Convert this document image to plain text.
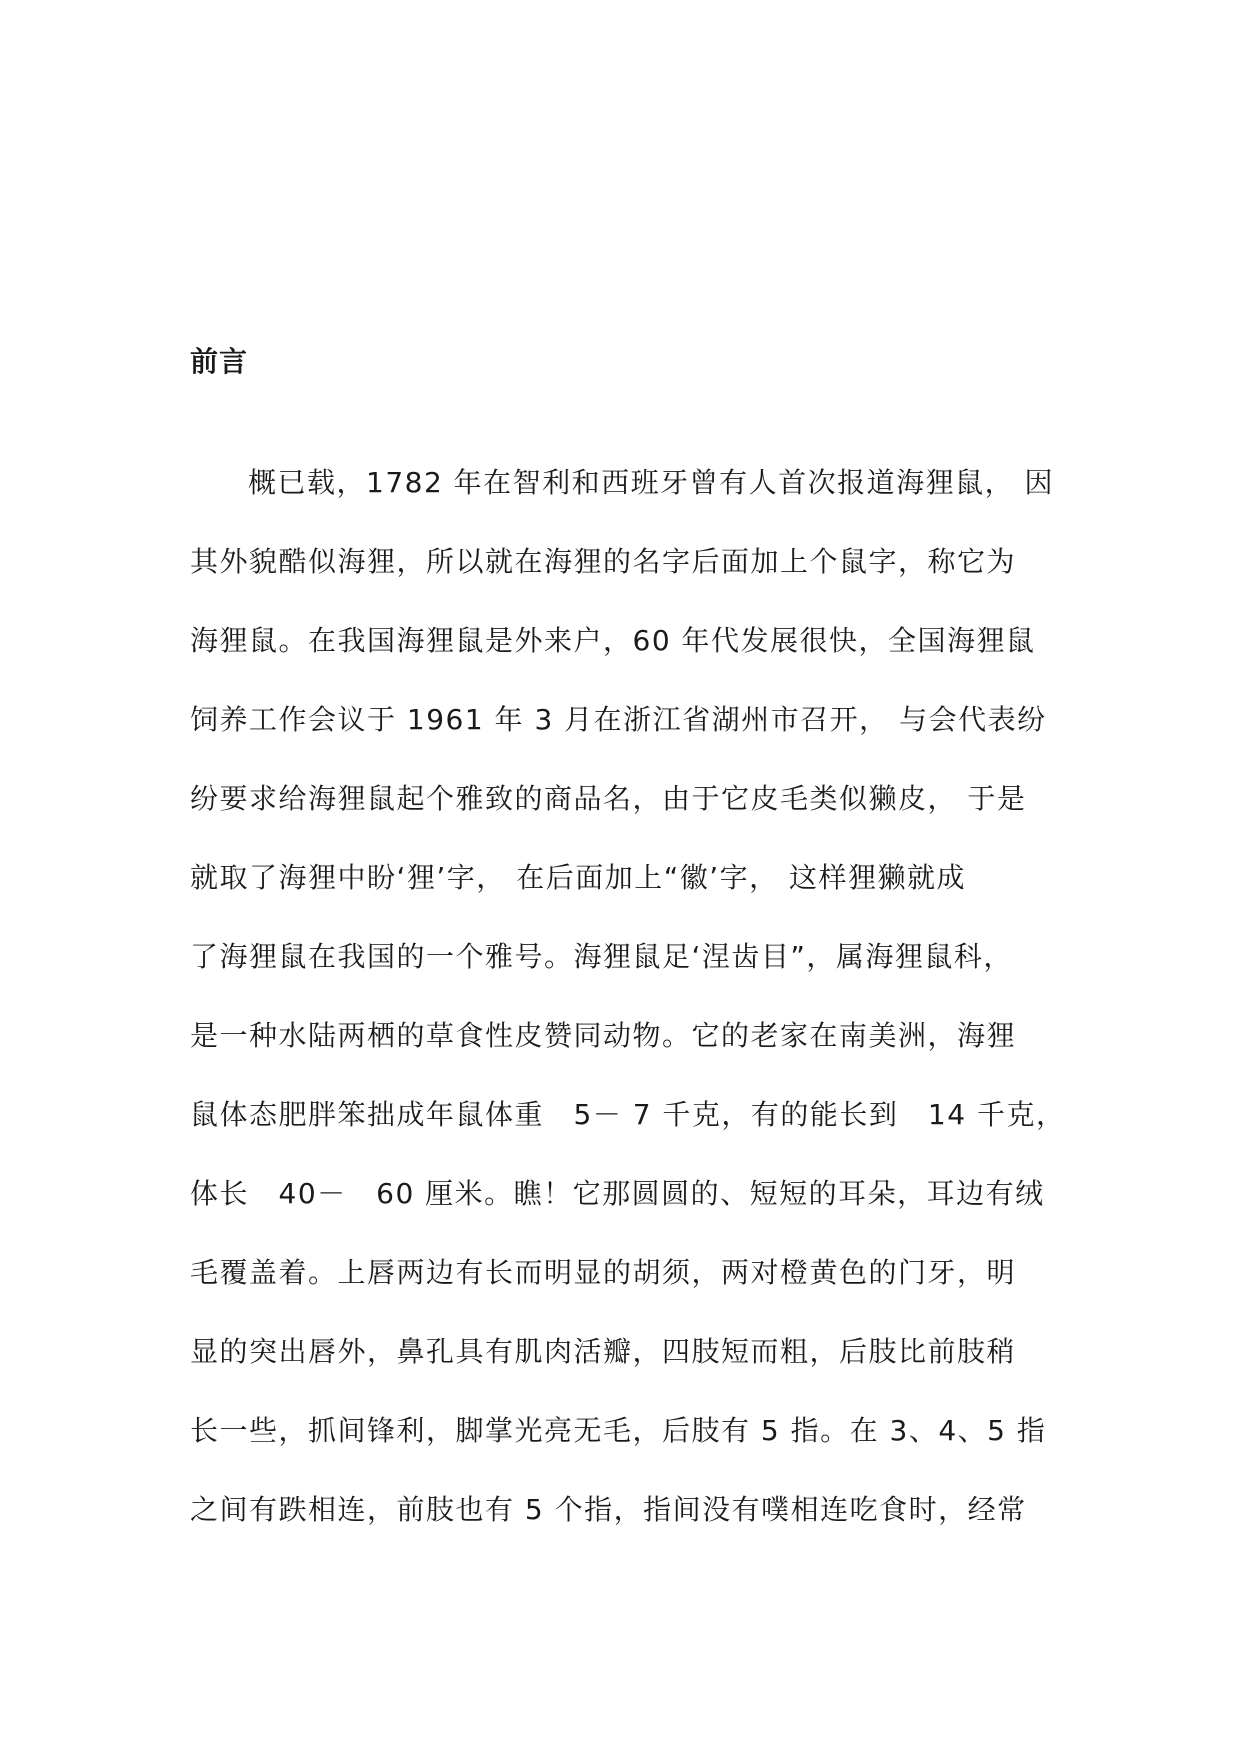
前言
概已载，1782 年在智利和西班牙曾有人首次报道海狸鼠， 因
其外貌酷似海狸，所以就在海狸的名字后面加上个鼠字，称它为
海狸鼠。在我国海狸鼠是外来户，60 年代发展很快，全国海狸鼠
饲养工作会议于 1961 年 3 月在浙江省湖州市召开， 与会代表纷
纷要求给海狸鼠起个雅致的商品名，由于它皮毛类似獭皮， 于是
就取了海狸中盼‘狸’字， 在后面加上“徽’字， 这样狸獭就成
了海狸鼠在我国的一个雅号。海狸鼠足‘涅齿目”，属海狸鼠科，
是一种水陆两栖的草食性皮赞同动物。它的老家在南美洲，海狸
鼠体态肥胖笨拙成年鼠体重　5－ 7 千克，有的能长到　14 千克，
体长　40－　60 厘米。瞧！它那圆圆的、短短的耳朵，耳边有绒
毛覆盖着。上唇两边有长而明显的胡须，两对橙黄色的门牙，明
显的突出唇外，鼻孔具有肌肉活瓣，四肢短而粗，后肢比前肢稍
长一些，抓间锋利，脚掌光亮无毛，后肢有 5 指。在 3、4、5 指
之间有跌相连，前肢也有 5 个指，指间没有噗相连吃食时，经常
